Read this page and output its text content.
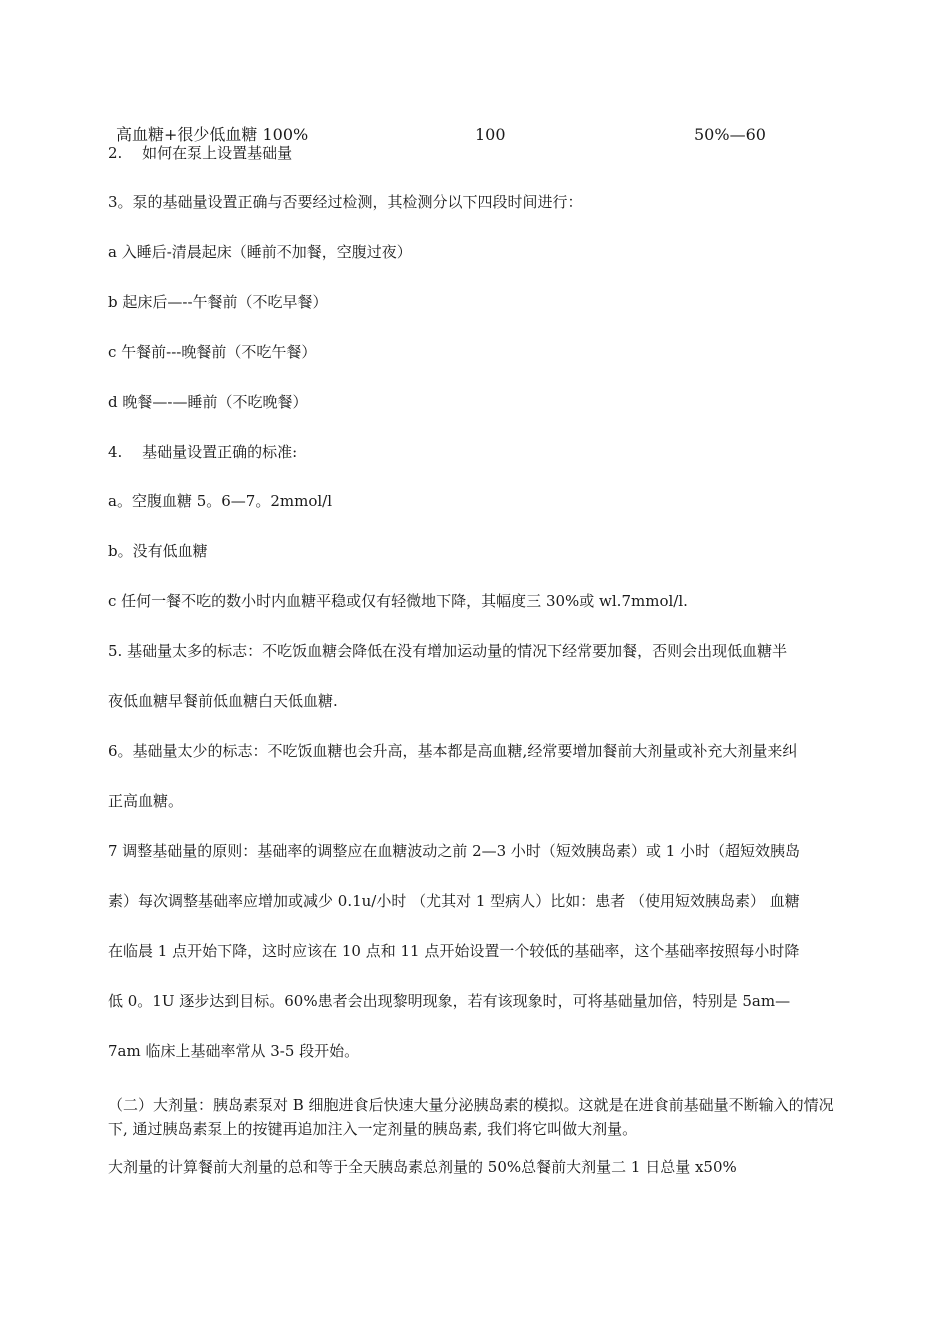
高血糖+很少低血糖 100%	100	50%—60
2.　 如何在泵上设置基础量
3。泵的基础量设置正确与否要经过检测，其检测分以下四段时间进行：
a 入睡后-清晨起床（睡前不加餐，空腹过夜）
b 起床后—--午餐前（不吃早餐）
c 午餐前---晚餐前（不吃午餐）
d 晚餐—-—睡前（不吃晚餐）
4.　 基础量设置正确的标准:
a。空腹血糖 5。6—7。2mmol/l
b。没有低血糖
c 任何一餐不吃的数小时内血糖平稳或仅有轻微地下降，其幅度三 30%或 wl.7mmol/l.
5. 基础量太多的标志：不吃饭血糖会降低在没有增加运动量的情况下经常要加餐，否则会出现低血糖半
夜低血糖早餐前低血糖白天低血糖.
6。基础量太少的标志：不吃饭血糖也会升高，基本都是高血糖,经常要增加餐前大剂量或补充大剂量来纠
正高血糖。
7 调整基础量的原则：基础率的调整应在血糖波动之前 2—3 小时（短效胰岛素）或 1 小时（超短效胰岛
素）每次调整基础率应增加或减少 0.1u/小时 （尤其对 1 型病人）比如：患者 （使用短效胰岛素） 血糖
在临晨 1 点开始下降，这时应该在 10 点和 11 点开始设置一个较低的基础率，这个基础率按照每小时降
低 0。1U 逐步达到目标。60%患者会出现黎明现象，若有该现象时，可将基础量加倍，特别是 5am—
7am 临床上基础率常从 3-5 段开始。
（二）大剂量：胰岛素泵对 B 细胞进食后快速大量分泌胰岛素的模拟。这就是在进食前基础量不断输入的情况下, 通过胰岛素泵上的按键再追加注入一定剂量的胰岛素, 我们将它叫做大剂量。
大剂量的计算餐前大剂量的总和等于全天胰岛素总剂量的 50%总餐前大剂量二 1 日总量 x50%
